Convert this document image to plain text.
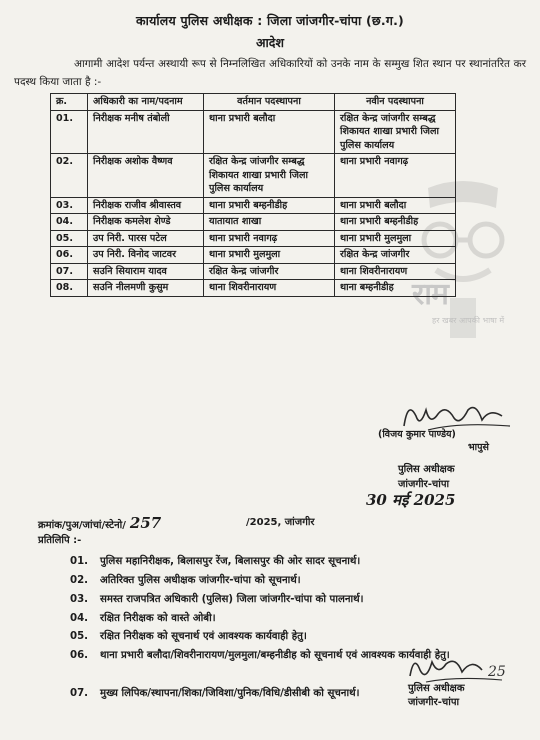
राम
हर खबर आपकी भाषा में
कार्यालय पुलिस अधीक्षक : जिला जांजगीर-चांपा (छ.ग.)
आदेश
आगामी आदेश पर्यन्त अस्थायी रूप से निम्नलिखित अधिकारियों को उनके नाम के सम्मुख शित स्थान पर स्थानांतरित कर पदस्थ किया जाता है :-
क्र.	अधिकारी का नाम/पदनाम	वर्तमान पदस्थापना	नवीन पदस्थापना
01.	निरीक्षक मनीष तंबोली	थाना प्रभारी बलौदा	रक्षित केन्द्र जांजगीर सम्बद्ध शिकायत शाखा प्रभारी जिला पुलिस कार्यालय
02.	निरीक्षक अशोक वैष्णव	रक्षित केन्द्र जांजगीर सम्बद्ध शिकायत शाखा प्रभारी जिला पुलिस कार्यालय	थाना प्रभारी नवागढ़
03.	निरीक्षक राजीव श्रीवास्तव	थाना प्रभारी बम्हनीडीह	थाना प्रभारी बलौदा
04.	निरीक्षक कमलेश शेण्डे	यातायात शाखा	थाना प्रभारी बम्हनीडीह
05.	उप निरी. पारस पटेल	थाना प्रभारी नवागढ़	थाना प्रभारी मुलमुला
06.	उप निरी. विनोद जाटवर	थाना प्रभारी मुलमुला	रक्षित केन्द्र जांजगीर
07.	सउनि सियाराम यादव	रक्षित केन्द्र जांजगीर	थाना शिवरीनारायण
08.	सउनि नीलमणी कुसुम	थाना शिवरीनारायण	थाना बम्हनीडीह
(विजय कुमार पाण्डेय)
भापुसे
पुलिस अधीक्षक
जांजगीर-चांपा
30 मई 2025
क्रमांक/पुअ/जांचां/स्टेनो/ 257	/2025, जांजगीर
प्रतिलिपि :-
01.	पुलिस महानिरीक्षक, बिलासपुर रेंज, बिलासपुर की ओर सादर सूचनार्थ।
02.	अतिरिक्त पुलिस अधीक्षक जांजगीर-चांपा को सूचनार्थ।
03.	समस्त राजपत्रित अधिकारी (पुलिस) जिला जांजगीर-चांपा को पालनार्थ।
04.	रक्षित निरीक्षक को वास्ते ओबी।
05.	रक्षित निरीक्षक को सूचनार्थ एवं आवश्यक कार्यवाही हेतु।
06.	थाना प्रभारी बलौदा/शिवरीनारायण/मुलमुला/बम्हनीडीह को सूचनार्थ एवं आवश्यक कार्यवाही हेतु।
07.	मुख्य लिपिक/स्थापना/शिका/जिविशा/पुनिक/विधि/डीसीबी को सूचनार्थ।
25
पुलिस अधीक्षक
जांजगीर-चांपा
